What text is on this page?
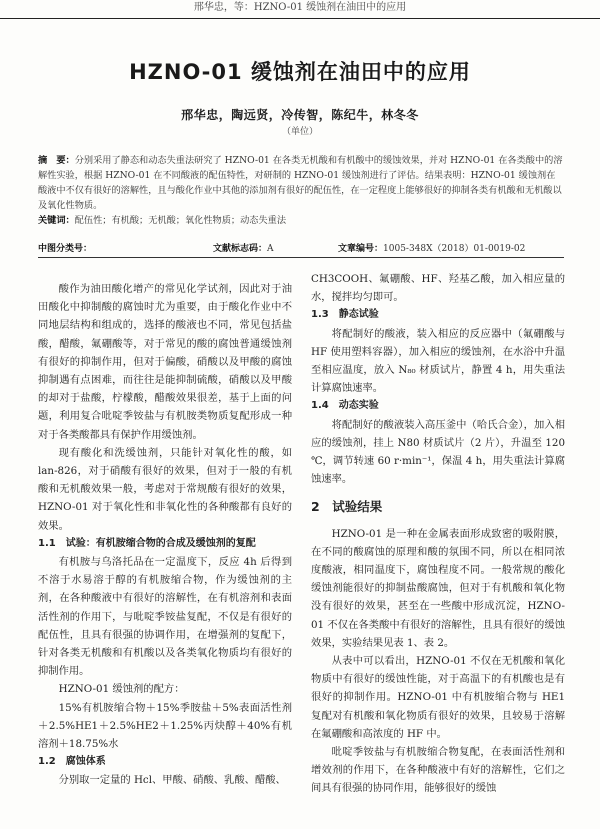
邢华忠，等：HZNO-01 缓蚀剂在油田中的应用
HZNO-01 缓蚀剂在油田中的应用
邢华忠，陶远贤，冷传智，陈纪牛，林冬冬
（单位）
摘　要：分别采用了静态和动态失重法研究了 HZNO-01 在各类无机酸和有机酸中的缓蚀效果，并对 HZNO-01 在各类酸中的溶解性实验，根据 HZNO-01 在不同酸液的配伍特性，对研制的 HZNO-01 缓蚀剂进行了评估。结果表明：HZNO-01 缓蚀剂在酸液中不仅有很好的溶解性，且与酸化作业中其他的添加剂有很好的配伍性，在一定程度上能够很好的抑制各类有机酸和无机酸以及氧化性物质。
关键词：配伍性；有机酸；无机酸；氧化性物质；动态失重法
中图分类号：	文献标志码：A	文章编号：1005-348X（2018）01-0019-02

酸作为油田酸化增产的常见化学试剂，因此对于油田酸化中抑制酸的腐蚀时尤为重要，由于酸化作业中不同地层结构和组成的，选择的酸液也不同，常见包括盐酸，醋酸，氟硼酸等，对于常见的酸的腐蚀普通缓蚀剂有很好的抑制作用，但对于偏酸，硝酸以及甲酸的腐蚀抑制遇有点困难，而往往是能抑制硫酸，硝酸以及甲酸的却对于盐酸，柠檬酸，醋酸效果很差，基于上面的问题，利用复合吡啶季铵盐与有机胺类物质复配形成一种对于各类酸都具有保护作用缓蚀剂。

现有酸化和洗缓蚀剂，只能针对氧化性的酸，如 lan-826，对于硝酸有很好的效果，但对于一般的有机酸和无机酸效果一般，考虑对于常规酸有很好的效果，HZNO-01 对于氧化性和非氧化性的各种酸都有良好的效果。

1.1　试验：有机胺缩合物的合成及缓蚀剂的复配

有机胺与乌洛托品在一定温度下，反应 4h 后得到不溶于水易溶于醇的有机胺缩合物，作为缓蚀剂的主剂，在各种酸液中有很好的溶解性，在有机溶剂和表面活性剂的作用下，与吡啶季铵盐复配，不仅是有很好的配伍性，且具有很强的协调作用，在增强剂的复配下，针对各类无机酸和有机酸以及各类氧化物质均有很好的抑制作用。

HZNO-01 缓蚀剂的配方：

15%有机胺缩合物＋15%季胺盐＋5%表面活性剂＋2.5%HE1＋2.5%HE2＋1.25%丙炔醇＋40%有机溶剂＋18.75%水

1.2　腐蚀体系

分别取一定量的 Hcl、甲酸、硝酸、乳酸、醋酸、

CH3COOH、氟硼酸、HF、羟基乙酸，加入相应量的水，搅拌均匀即可。

1.3　静态试验

将配制好的酸液，装入相应的反应器中（氟硼酸与 HF 使用塑料容器），加入相应的缓蚀剂，在水浴中升温至相应温度，放入 N₈₀ 材质试片，静置 4 h，用失重法计算腐蚀速率。

1.4　动态实验

将配制好的酸液装入高压釜中（哈氏合金），加入相应的缓蚀剂，挂上 N80 材质试片（2 片），升温至 120 ℃，调节转速 60 r·min⁻¹，保温 4 h，用失重法计算腐蚀速率。

2　试验结果

HZNO-01 是一种在金属表面形成致密的吸附膜，在不同的酸腐蚀的原理和酸的氛围不同，所以在相同浓度酸液，相同温度下，腐蚀程度不同。一般常规的酸化缓蚀剂能很好的抑制盐酸腐蚀，但对于有机酸和氧化物没有很好的效果，甚至在一些酸中形成沉淀，HZNO-01 不仅在各类酸中有很好的溶解性，且具有很好的缓蚀效果，实验结果见表 1、表 2。

从表中可以看出，HZNO-01 不仅在无机酸和氧化物质中有很好的缓蚀性能，对于高温下的有机酸也是有很好的抑制作用。HZNO-01 中有机胺缩合物与 HE1 复配对有机酸和氧化物质有很好的效果，且较易于溶解在氟硼酸和高浓度的 HF 中。

吡啶季铵盐与有机胺缩合物复配，在表面活性剂和增效剂的作用下，在各种酸液中有好的溶解性，它们之间具有很强的协同作用，能够很好的缓蚀
